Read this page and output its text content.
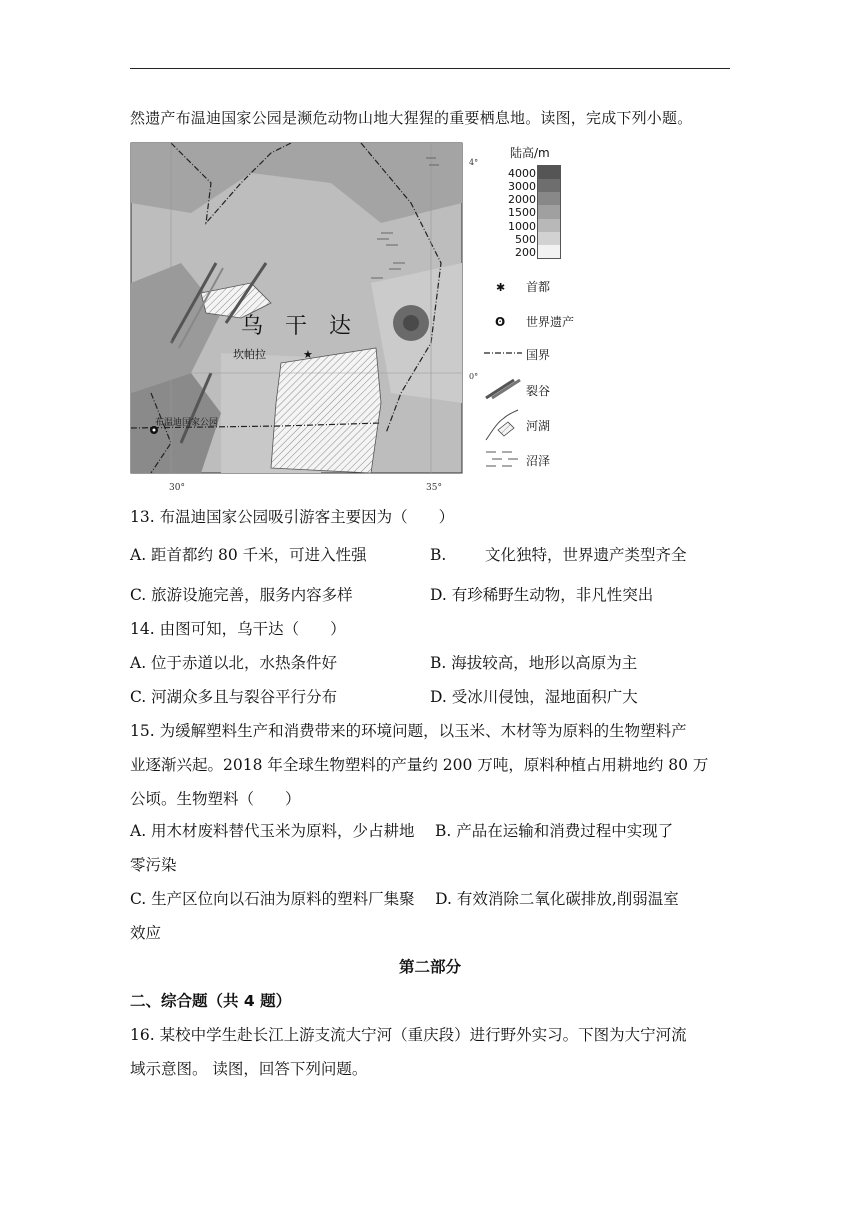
然遗产布温迪国家公园是濒危动物山地大猩猩的重要栖息地。读图，完成下列小题。
4°
0°
30°	35°
乌　干　达
坎帕拉	★
布温迪国家公园
陆高/m
4000
3000
2000
1500
1000
500
200
✱ 首都
ʘ 世界遗产
国界
裂谷
河湖
沼泽
13. 布温迪国家公园吸引游客主要因为（　　）
A. 距首都约 80 千米，可进入性强	B. 文化独特，世界遗产类型齐全
C. 旅游设施完善，服务内容多样	D. 有珍稀野生动物，非凡性突出
14. 由图可知，乌干达（　　）
A. 位于赤道以北，水热条件好	B. 海拔较高，地形以高原为主
C. 河湖众多且与裂谷平行分布	D. 受冰川侵蚀，湿地面积广大
15. 为缓解塑料生产和消费带来的环境问题，以玉米、木材等为原料的生物塑料产
业逐渐兴起。2018 年全球生物塑料的产量约 200 万吨，原料种植占用耕地约 80 万
公顷。生物塑料（　　）
A. 用木材废料替代玉米为原料，少占耕地　 B. 产品在运输和消费过程中实现了
零污染
C. 生产区位向以石油为原料的塑料厂集聚　 D. 有效消除二氧化碳排放,削弱温室
效应
第二部分
二、综合题（共 4 题）
16. 某校中学生赴长江上游支流大宁河（重庆段）进行野外实习。下图为大宁河流
域示意图。 读图，回答下列问题。
